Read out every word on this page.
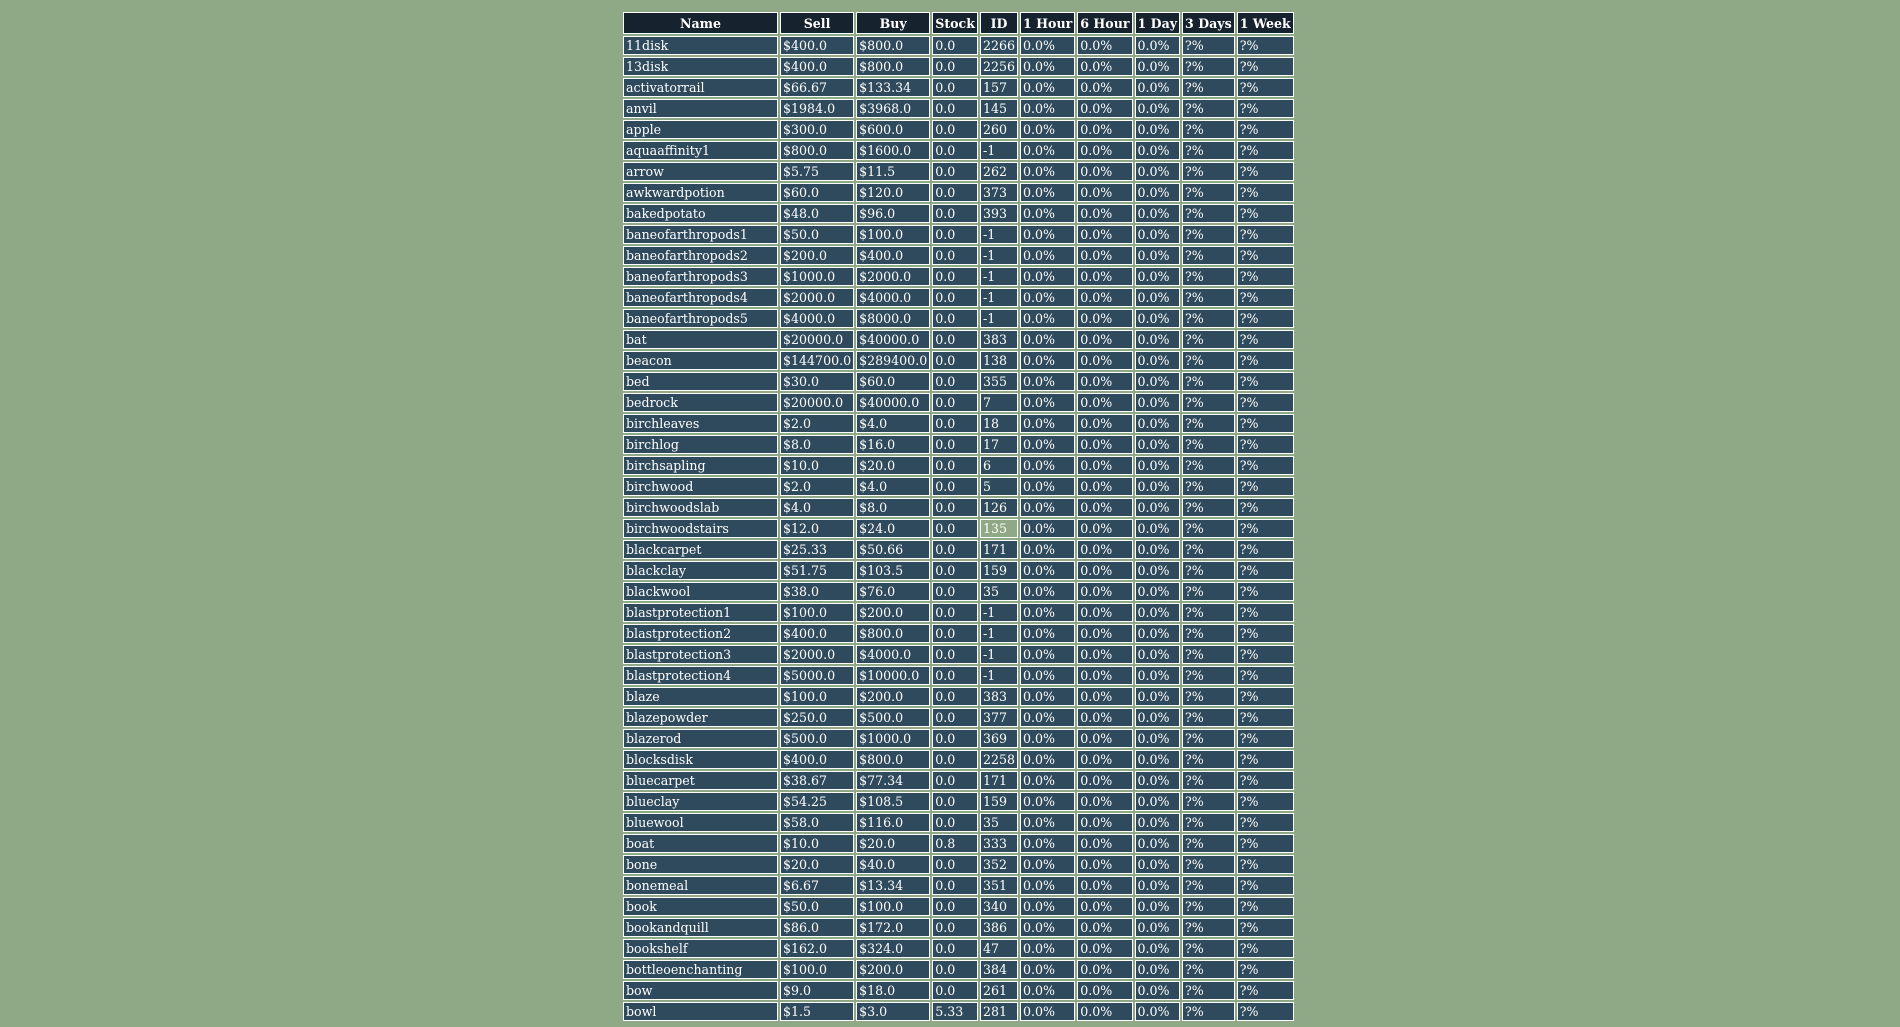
Name	Sell	Buy	Stock	ID	1 Hour	6 Hour	1 Day	3 Days	1 Week
11disk	$400.0	$800.0	0.0	2266	0.0%	0.0%	0.0%	?%	?%
13disk	$400.0	$800.0	0.0	2256	0.0%	0.0%	0.0%	?%	?%
activatorrail	$66.67	$133.34	0.0	157	0.0%	0.0%	0.0%	?%	?%
anvil	$1984.0	$3968.0	0.0	145	0.0%	0.0%	0.0%	?%	?%
apple	$300.0	$600.0	0.0	260	0.0%	0.0%	0.0%	?%	?%
aquaaffinity1	$800.0	$1600.0	0.0	-1	0.0%	0.0%	0.0%	?%	?%
arrow	$5.75	$11.5	0.0	262	0.0%	0.0%	0.0%	?%	?%
awkwardpotion	$60.0	$120.0	0.0	373	0.0%	0.0%	0.0%	?%	?%
bakedpotato	$48.0	$96.0	0.0	393	0.0%	0.0%	0.0%	?%	?%
baneofarthropods1	$50.0	$100.0	0.0	-1	0.0%	0.0%	0.0%	?%	?%
baneofarthropods2	$200.0	$400.0	0.0	-1	0.0%	0.0%	0.0%	?%	?%
baneofarthropods3	$1000.0	$2000.0	0.0	-1	0.0%	0.0%	0.0%	?%	?%
baneofarthropods4	$2000.0	$4000.0	0.0	-1	0.0%	0.0%	0.0%	?%	?%
baneofarthropods5	$4000.0	$8000.0	0.0	-1	0.0%	0.0%	0.0%	?%	?%
bat	$20000.0	$40000.0	0.0	383	0.0%	0.0%	0.0%	?%	?%
beacon	$144700.0	$289400.0	0.0	138	0.0%	0.0%	0.0%	?%	?%
bed	$30.0	$60.0	0.0	355	0.0%	0.0%	0.0%	?%	?%
bedrock	$20000.0	$40000.0	0.0	7	0.0%	0.0%	0.0%	?%	?%
birchleaves	$2.0	$4.0	0.0	18	0.0%	0.0%	0.0%	?%	?%
birchlog	$8.0	$16.0	0.0	17	0.0%	0.0%	0.0%	?%	?%
birchsapling	$10.0	$20.0	0.0	6	0.0%	0.0%	0.0%	?%	?%
birchwood	$2.0	$4.0	0.0	5	0.0%	0.0%	0.0%	?%	?%
birchwoodslab	$4.0	$8.0	0.0	126	0.0%	0.0%	0.0%	?%	?%
birchwoodstairs	$12.0	$24.0	0.0	135	0.0%	0.0%	0.0%	?%	?%
blackcarpet	$25.33	$50.66	0.0	171	0.0%	0.0%	0.0%	?%	?%
blackclay	$51.75	$103.5	0.0	159	0.0%	0.0%	0.0%	?%	?%
blackwool	$38.0	$76.0	0.0	35	0.0%	0.0%	0.0%	?%	?%
blastprotection1	$100.0	$200.0	0.0	-1	0.0%	0.0%	0.0%	?%	?%
blastprotection2	$400.0	$800.0	0.0	-1	0.0%	0.0%	0.0%	?%	?%
blastprotection3	$2000.0	$4000.0	0.0	-1	0.0%	0.0%	0.0%	?%	?%
blastprotection4	$5000.0	$10000.0	0.0	-1	0.0%	0.0%	0.0%	?%	?%
blaze	$100.0	$200.0	0.0	383	0.0%	0.0%	0.0%	?%	?%
blazepowder	$250.0	$500.0	0.0	377	0.0%	0.0%	0.0%	?%	?%
blazerod	$500.0	$1000.0	0.0	369	0.0%	0.0%	0.0%	?%	?%
blocksdisk	$400.0	$800.0	0.0	2258	0.0%	0.0%	0.0%	?%	?%
bluecarpet	$38.67	$77.34	0.0	171	0.0%	0.0%	0.0%	?%	?%
blueclay	$54.25	$108.5	0.0	159	0.0%	0.0%	0.0%	?%	?%
bluewool	$58.0	$116.0	0.0	35	0.0%	0.0%	0.0%	?%	?%
boat	$10.0	$20.0	0.8	333	0.0%	0.0%	0.0%	?%	?%
bone	$20.0	$40.0	0.0	352	0.0%	0.0%	0.0%	?%	?%
bonemeal	$6.67	$13.34	0.0	351	0.0%	0.0%	0.0%	?%	?%
book	$50.0	$100.0	0.0	340	0.0%	0.0%	0.0%	?%	?%
bookandquill	$86.0	$172.0	0.0	386	0.0%	0.0%	0.0%	?%	?%
bookshelf	$162.0	$324.0	0.0	47	0.0%	0.0%	0.0%	?%	?%
bottleoenchanting	$100.0	$200.0	0.0	384	0.0%	0.0%	0.0%	?%	?%
bow	$9.0	$18.0	0.0	261	0.0%	0.0%	0.0%	?%	?%
bowl	$1.5	$3.0	5.33	281	0.0%	0.0%	0.0%	?%	?%
